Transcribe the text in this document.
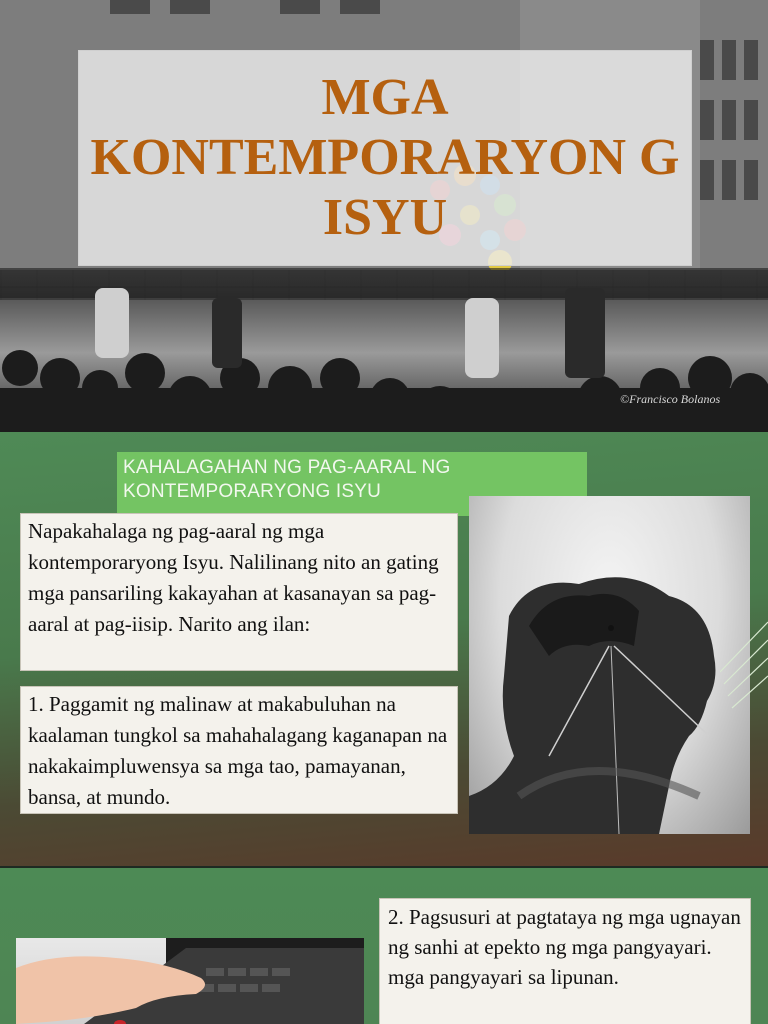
MGA KONTEMPORARYON G ISYU
©Francisco Bolanos
KAHALAGAHAN NG PAG-AARAL NG KONTEMPORARYONG ISYU
Napakahalaga ng pag-aaral ng mga kontemporaryong Isyu. Nalilinang nito an gating mga pansariling kakayahan at kasanayan sa pag-aaral at pag-iisip. Narito ang ilan:
1. Paggamit ng malinaw at makabuluhan na kaalaman tungkol sa mahahalagang kaganapan na nakakaimpluwensya sa mga tao, pamayanan, bansa, at mundo.

2. Pagsusuri at pagtataya ng mga ugnayan ng sanhi at epekto ng mga pangyayari.

mga pangyayari sa lipunan.
